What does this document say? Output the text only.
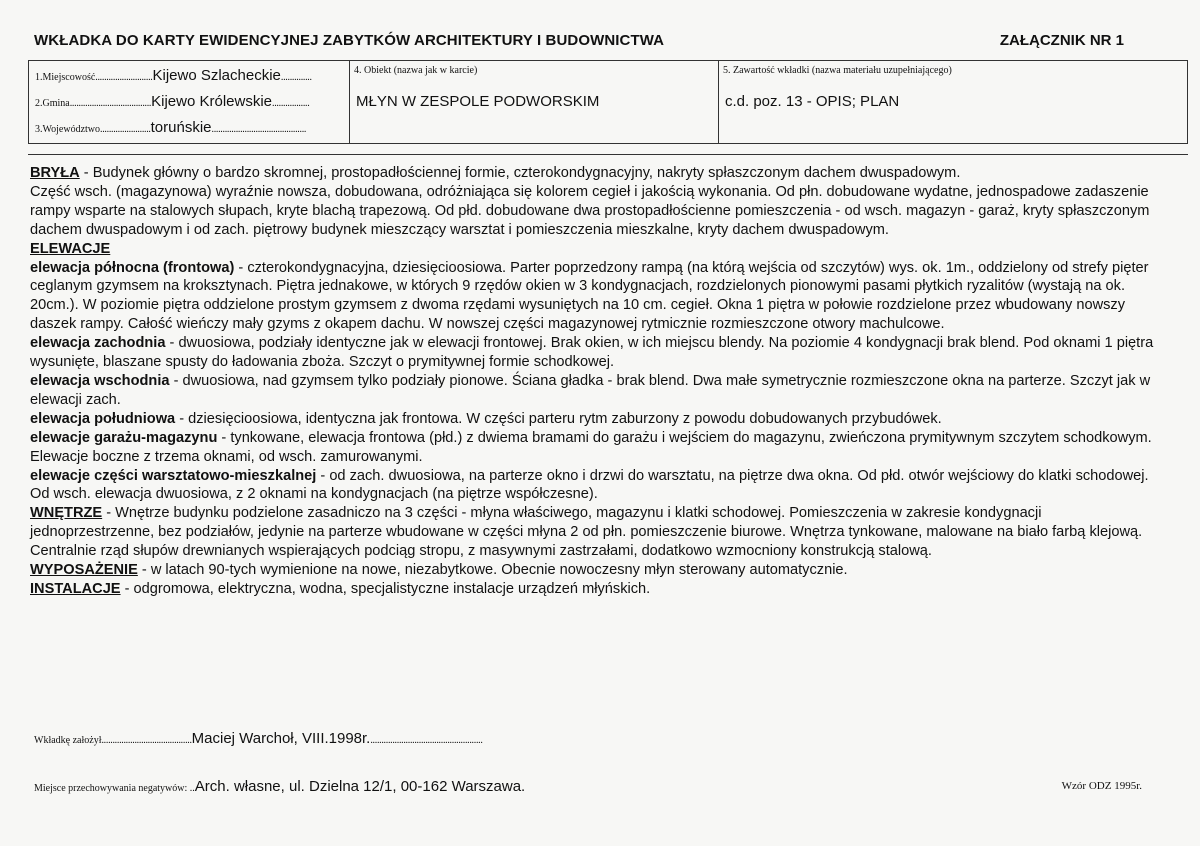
WKŁADKA DO KARTY EWIDENCYJNEJ ZABYTKÓW ARCHITEKTURY I BUDOWNICTWA	ZAŁĄCZNIK NR 1
1.Miejscowość..........................Kijewo Szlacheckie..............
2.Gmina.....................................Kijewo Królewskie.................
3.Województwo.......................toruńskie...........................................
4. Obiekt (nazwa jak w karcie)
MŁYN W ZESPOLE PODWORSKIM
5. Zawartość wkładki (nazwa materiału uzupełniającego)
c.d. poz. 13 - OPIS; PLAN

BRYŁA - Budynek główny o bardzo skromnej, prostopadłościennej formie, czterokondygnacyjny, nakryty spłaszczonym dachem dwuspadowym.

Część wsch. (magazynowa) wyraźnie nowsza, dobudowana, odróżniająca się kolorem cegieł i jakością wykonania. Od płn. dobudowane wydatne, jednospadowe zadaszenie rampy wsparte na stalowych słupach, kryte blachą trapezową. Od płd. dobudowane dwa prostopadłościenne pomieszczenia - od wsch. magazyn - garaż, kryty spłaszczonym dachem dwuspadowym i od zach. piętrowy budynek mieszczący warsztat i pomieszczenia mieszkalne, kryty dachem dwuspadowym.

ELEWACJE

elewacja północna (frontowa) - czterokondygnacyjna, dziesięcioosiowa. Parter poprzedzony rampą (na którą wejścia od szczytów) wys. ok. 1m., oddzielony od strefy pięter ceglanym gzymsem na kroksztynach. Piętra jednakowe, w których 9 rzędów okien w 3 kondygnacjach, rozdzielonych pionowymi pasami płytkich ryzalitów (wystają na ok. 20cm.). W poziomie piętra oddzielone prostym gzymsem z dwoma rzędami wysuniętych na 10 cm. cegieł. Okna 1 piętra w połowie rozdzielone przez wbudowany nowszy daszek rampy. Całość wieńczy mały gzyms z okapem dachu. W nowszej części magazynowej rytmicznie rozmieszczone otwory machulcowe.

elewacja zachodnia - dwuosiowa, podziały identyczne jak w elewacji frontowej. Brak okien, w ich miejscu blendy. Na poziomie 4 kondygnacji brak blend. Pod oknami 1 piętra wysunięte, blaszane spusty do ładowania zboża. Szczyt o prymitywnej formie schodkowej.

elewacja wschodnia - dwuosiowa, nad gzymsem tylko podziały pionowe. Ściana gładka - brak blend. Dwa małe symetrycznie rozmieszczone okna na parterze. Szczyt jak w elewacji zach.

elewacja południowa - dziesięcioosiowa, identyczna jak frontowa. W części parteru rytm zaburzony z powodu dobudowanych przybudówek.

elewacje garażu-magazynu - tynkowane, elewacja frontowa (płd.) z dwiema bramami do garażu i wejściem do magazynu, zwieńczona prymitywnym szczytem schodkowym. Elewacje boczne z trzema oknami, od wsch. zamurowanymi.

elewacje części warsztatowo-mieszkalnej - od zach. dwuosiowa, na parterze okno i drzwi do warsztatu, na piętrze dwa okna. Od płd. otwór wejściowy do klatki schodowej. Od wsch. elewacja dwuosiowa, z 2 oknami na kondygnacjach (na piętrze współczesne).

WNĘTRZE - Wnętrze budynku podzielone zasadniczo na 3 części - młyna właściwego, magazynu i klatki schodowej. Pomieszczenia w zakresie kondygnacji jednoprzestrzenne, bez podziałów, jedynie na parterze wbudowane w części młyna 2 od płn. pomieszczenie biurowe. Wnętrza tynkowane, malowane na biało farbą klejową. Centralnie rząd słupów drewnianych wspierających podciąg stropu, z masywnymi zastrzałami, dodatkowo wzmocniony konstrukcją stalową.

WYPOSAŻENIE - w latach 90-tych wymienione na nowe, niezabytkowe. Obecnie nowoczesny młyn sterowany automatycznie.

INSTALACJE - odgromowa, elektryczna, wodna, specjalistyczne instalacje urządzeń młyńskich.

Wkładkę założył.........................................Maciej Warchoł, VIII.1998r....................................................
Miejsce przechowywania negatywów: ..Arch. własne, ul. Dzielna 12/1, 00-162 Warszawa.	Wzór ODZ 1995r.
